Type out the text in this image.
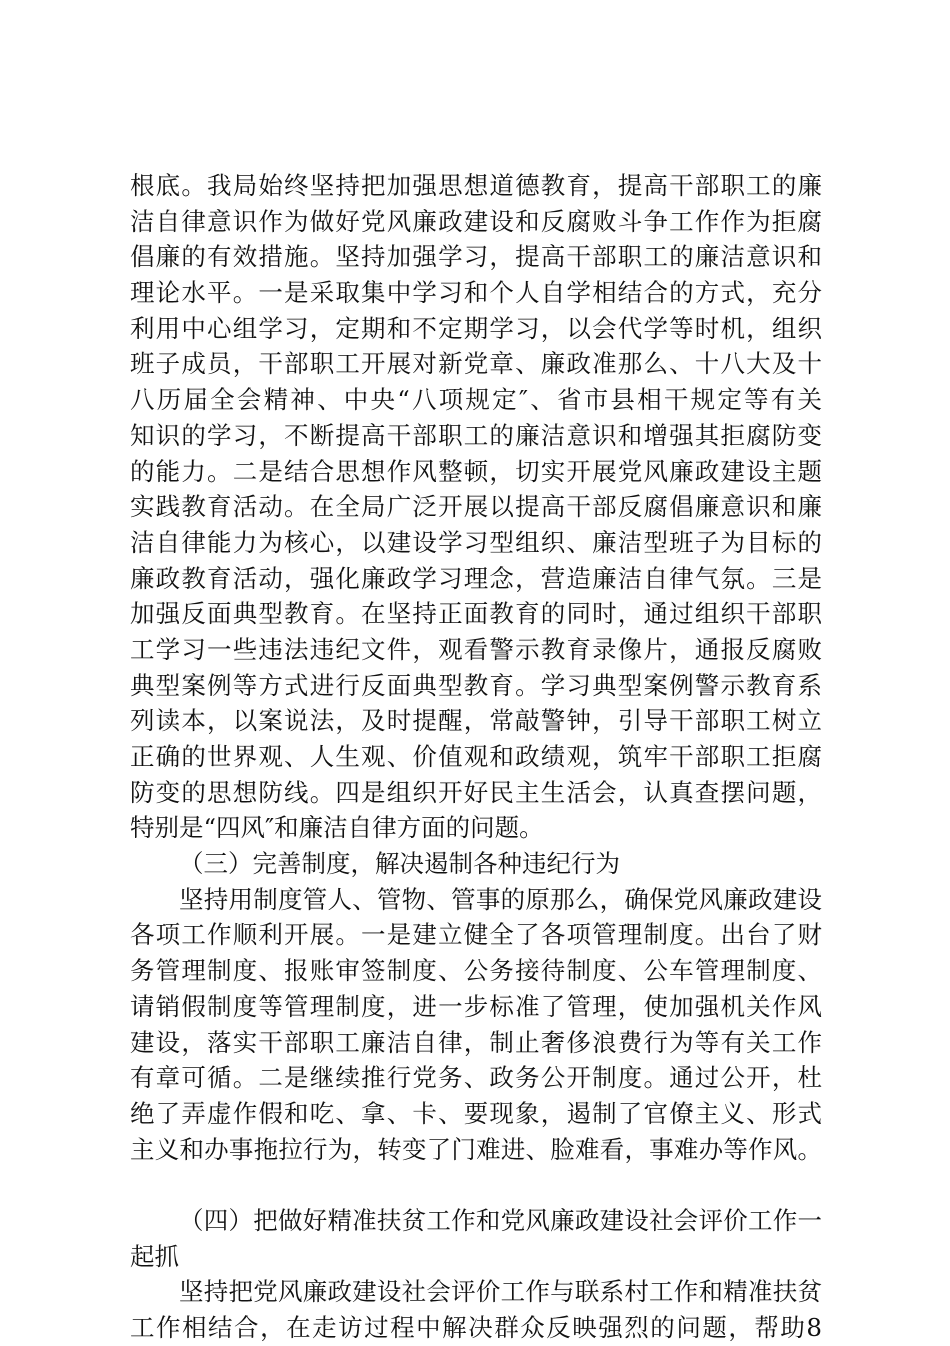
根底。我局始终坚持把加强思想道德教育，提高干部职工的廉
洁自律意识作为做好党风廉政建设和反腐败斗争工作作为拒腐
倡廉的有效措施。坚持加强学习，提高干部职工的廉洁意识和
理论水平。一是采取集中学习和个人自学相结合的方式，充分
利用中心组学习，定期和不定期学习，以会代学等时机，组织
班子成员，干部职工开展对新党章、廉政准那么、十八大及十
八历届全会精神、中央“八项规定″、省市县相干规定等有关
知识的学习，不断提高干部职工的廉洁意识和增强其拒腐防变
的能力。二是结合思想作风整顿，切实开展党风廉政建设主题
实践教育活动。在全局广泛开展以提高干部反腐倡廉意识和廉
洁自律能力为核心，以建设学习型组织、廉洁型班子为目标的
廉政教育活动，强化廉政学习理念，营造廉洁自律气氛。三是
加强反面典型教育。在坚持正面教育的同时，通过组织干部职
工学习一些违法违纪文件，观看警示教育录像片，通报反腐败
典型案例等方式进行反面典型教育。学习典型案例警示教育系
列读本，以案说法，及时提醒，常敲警钟，引导干部职工树立
正确的世界观、人生观、价值观和政绩观，筑牢干部职工拒腐
防变的思想防线。四是组织开好民主生活会，认真查摆问题，
特别是“四风″和廉洁自律方面的问题。
（三）完善制度，解决遏制各种违纪行为
坚持用制度管人、管物、管事的原那么，确保党风廉政建设
各项工作顺利开展。一是建立健全了各项管理制度。出台了财
务管理制度、报账审签制度、公务接待制度、公车管理制度、
请销假制度等管理制度，进一步标准了管理，使加强机关作风
建设，落实干部职工廉洁自律，制止奢侈浪费行为等有关工作
有章可循。二是继续推行党务、政务公开制度。通过公开，杜
绝了弄虚作假和吃、拿、卡、要现象，遏制了官僚主义、形式
主义和办事拖拉行为，转变了门难进、脸难看，事难办等作风。
（四）把做好精准扶贫工作和党风廉政建设社会评价工作一
起抓
坚持把党风廉政建设社会评价工作与联系村工作和精准扶贫
工作相结合，在走访过程中解决群众反映强烈的问题，帮助8
